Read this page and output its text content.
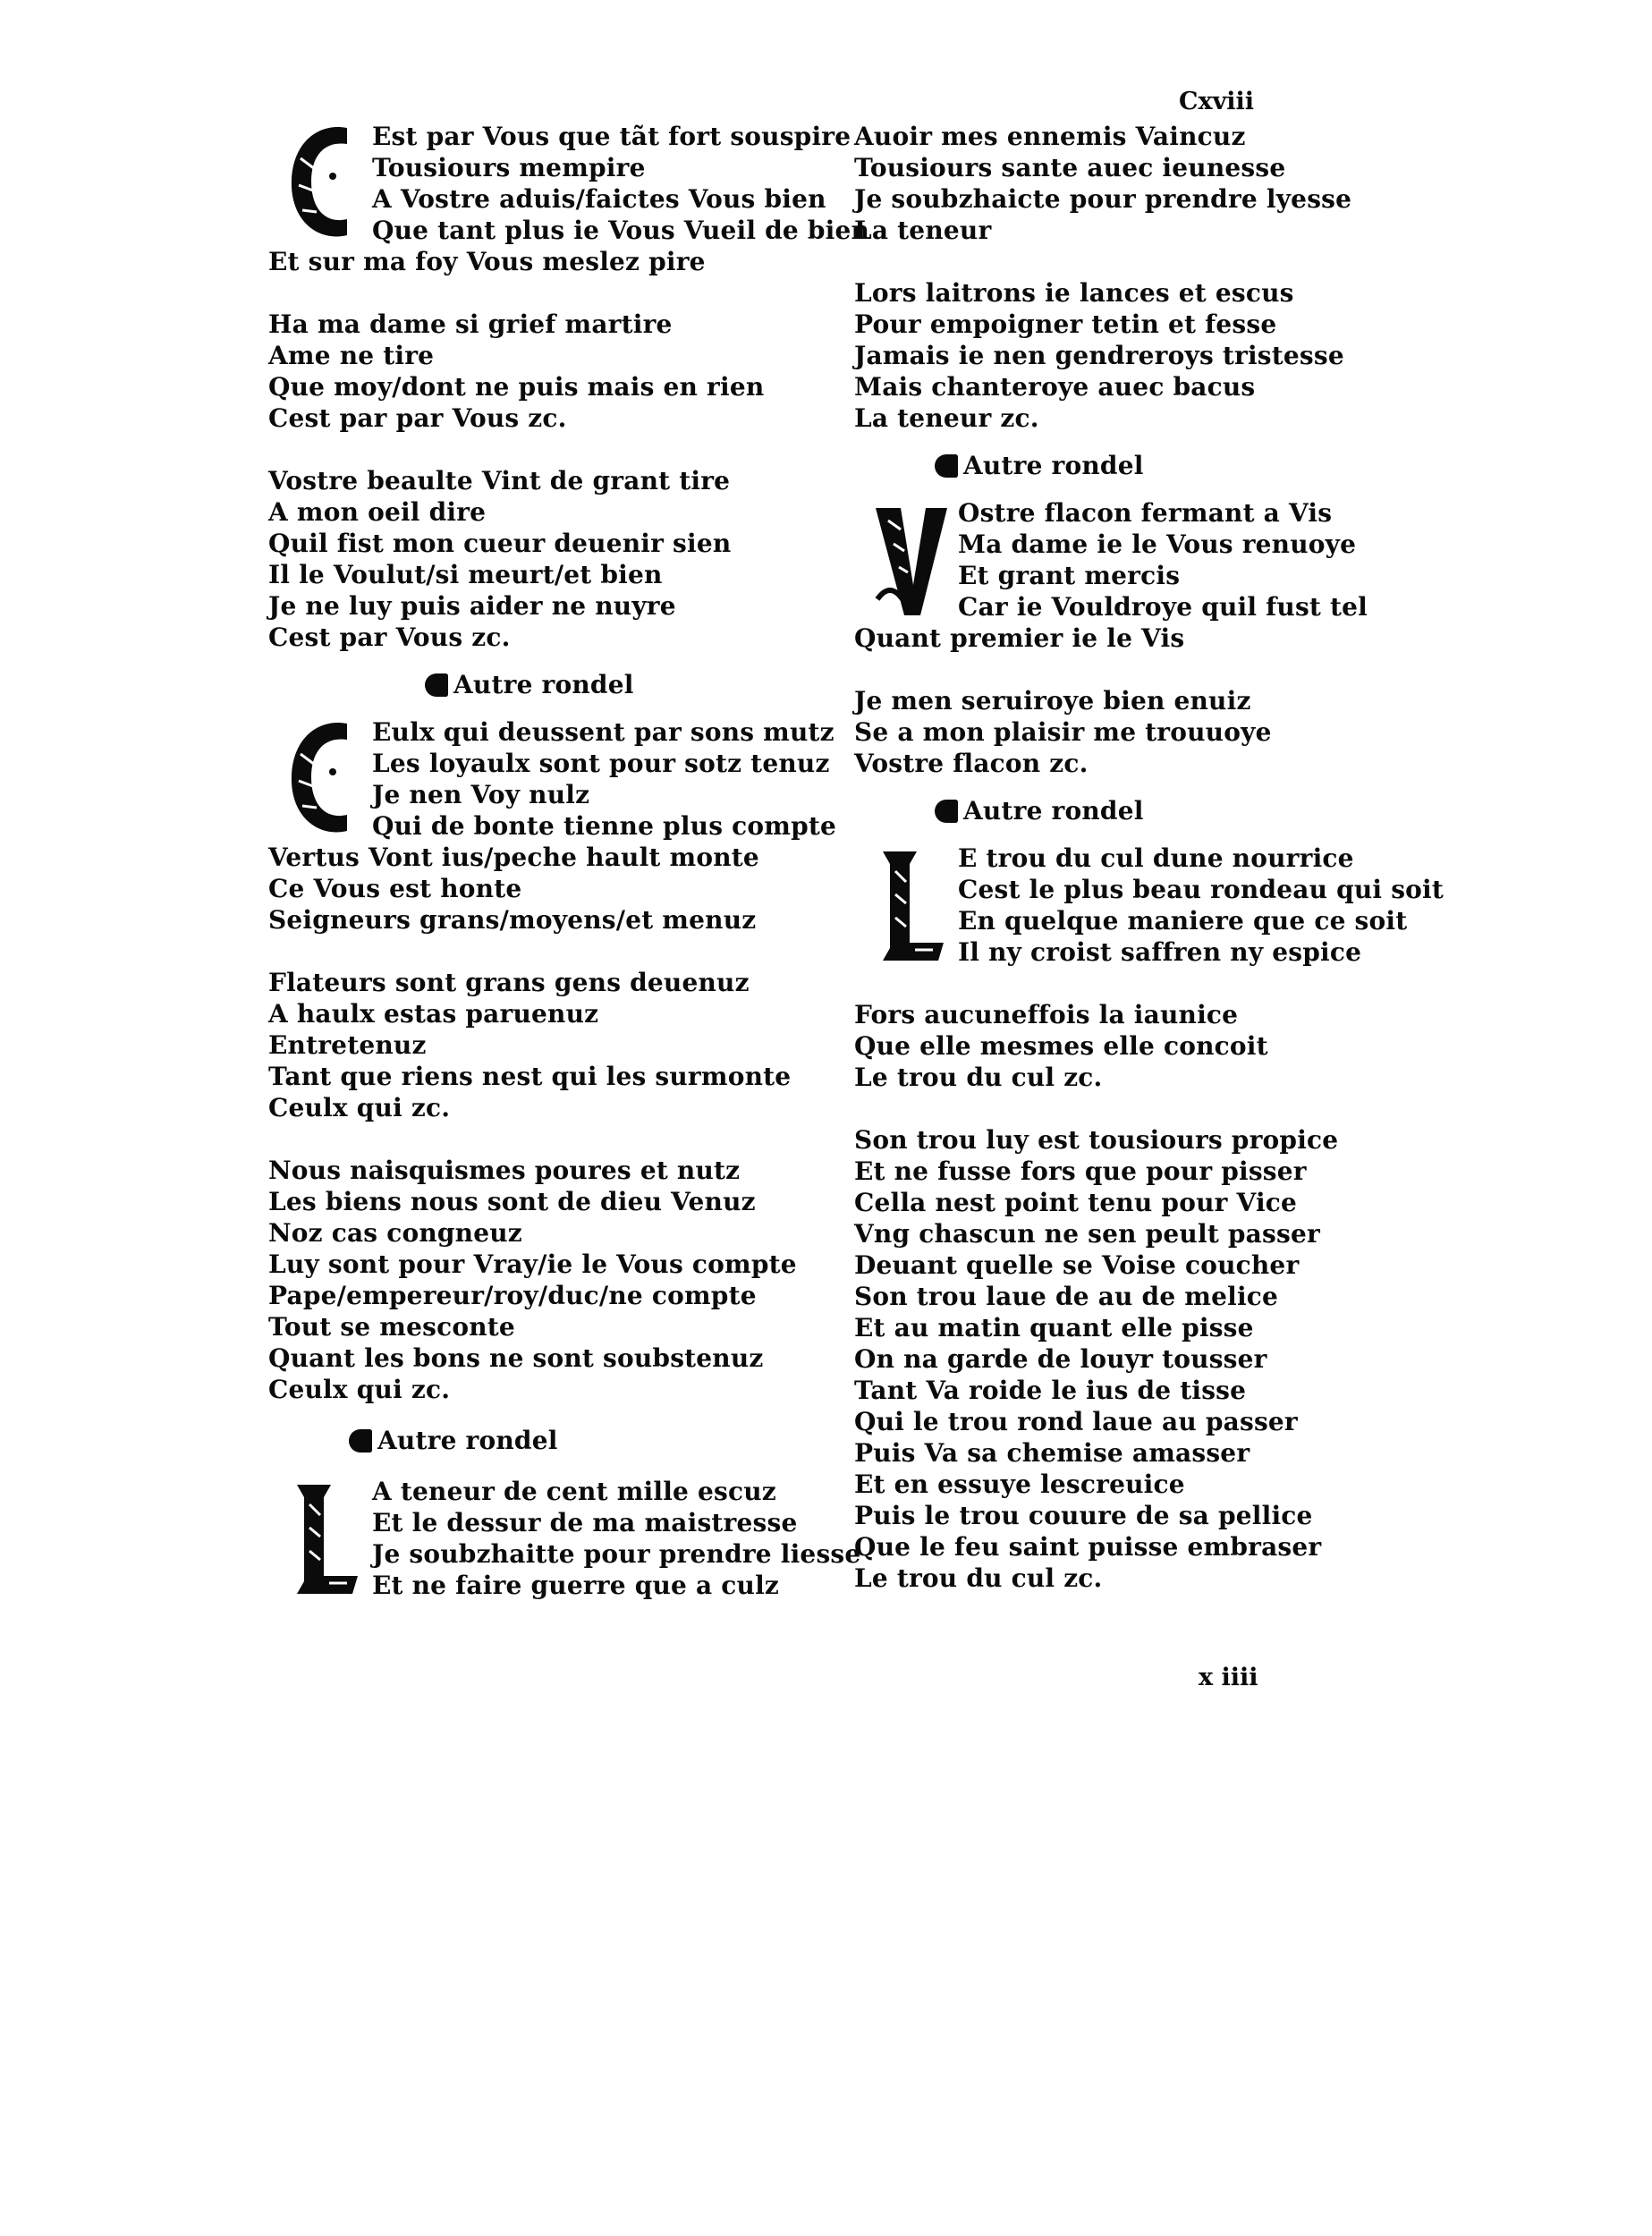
Cxviii
Est par Vous que tãt fort souspire
Tousiours mempire
A Vostre aduis/faictes Vous bien
Que tant plus ie Vous Vueil de bien
Et sur ma foy Vous meslez pire
Ha ma dame si grief martire
Ame ne tire
Que moy/dont ne puis mais en rien
Cest par par Vous zc.
Vostre beaulte Vint de grant tire
A mon oeil dire
Quil fist mon cueur deuenir sien
Il le Voulut/si meurt/et bien
Je ne luy puis aider ne nuyre
Cest par Vous zc.
Autre rondel
Eulx qui deussent par sons mutz
Les loyaulx sont pour sotz tenuz
Je nen Voy nulz
Qui de bonte tienne plus compte
Vertus Vont ius/peche hault monte
Ce Vous est honte
Seigneurs grans/moyens/et menuz
Flateurs sont grans gens deuenuz
A haulx estas paruenuz
Entretenuz
Tant que riens nest qui les surmonte
Ceulx qui zc.
Nous naisquismes poures et nutz
Les biens nous sont de dieu Venuz
Noz cas congneuz
Luy sont pour Vray/ie le Vous compte
Pape/empereur/roy/duc/ne compte
Tout se mesconte
Quant les bons ne sont soubstenuz
Ceulx qui zc.
Autre rondel
A teneur de cent mille escuz
Et le dessur de ma maistresse
Je soubzhaitte pour prendre liesse
Et ne faire guerre que a culz
Auoir mes ennemis Vaincuz
Tousiours sante auec ieunesse
Je soubzhaicte pour prendre lyesse
La teneur
Lors laitrons ie lances et escus
Pour empoigner tetin et fesse
Jamais ie nen gendreroys tristesse
Mais chanteroye auec bacus
La teneur zc.
Autre rondel
Ostre flacon fermant a Vis
Ma dame ie le Vous renuoye
Et grant mercis
Car ie Vouldroye quil fust tel
Quant premier ie le Vis
Je men seruiroye bien enuiz
Se a mon plaisir me trouuoye
Vostre flacon zc.
Autre rondel
E trou du cul dune nourrice
Cest le plus beau rondeau qui soit
En quelque maniere que ce soit
Il ny croist saffren ny espice
Fors aucuneffois la iaunice
Que elle mesmes elle concoit
Le trou du cul zc.
Son trou luy est tousiours propice
Et ne fusse fors que pour pisser
Cella nest point tenu pour Vice
Vng chascun ne sen peult passer
Deuant quelle se Voise coucher
Son trou laue de au de melice
Et au matin quant elle pisse
On na garde de louyr tousser
Tant Va roide le ius de tisse
Qui le trou rond laue au passer
Puis Va sa chemise amasser
Et en essuye lescreuice
Puis le trou couure de sa pellice
Que le feu saint puisse embraser
Le trou du cul zc.
x iiii
